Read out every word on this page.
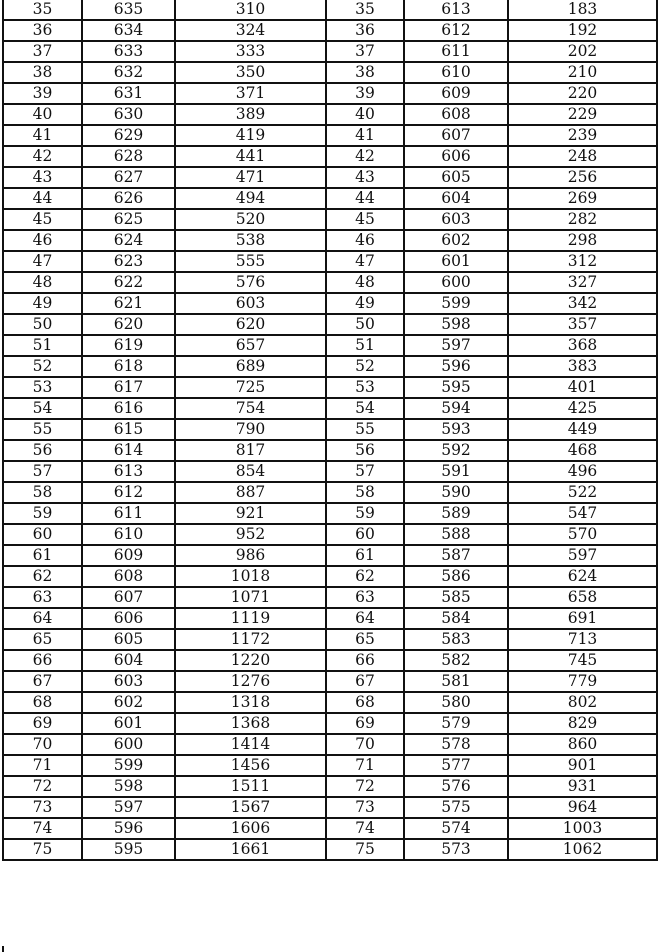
35	635	310	35	613	183
36	634	324	36	612	192
37	633	333	37	611	202
38	632	350	38	610	210
39	631	371	39	609	220
40	630	389	40	608	229
41	629	419	41	607	239
42	628	441	42	606	248
43	627	471	43	605	256
44	626	494	44	604	269
45	625	520	45	603	282
46	624	538	46	602	298
47	623	555	47	601	312
48	622	576	48	600	327
49	621	603	49	599	342
50	620	620	50	598	357
51	619	657	51	597	368
52	618	689	52	596	383
53	617	725	53	595	401
54	616	754	54	594	425
55	615	790	55	593	449
56	614	817	56	592	468
57	613	854	57	591	496
58	612	887	58	590	522
59	611	921	59	589	547
60	610	952	60	588	570
61	609	986	61	587	597
62	608	1018	62	586	624
63	607	1071	63	585	658
64	606	1119	64	584	691
65	605	1172	65	583	713
66	604	1220	66	582	745
67	603	1276	67	581	779
68	602	1318	68	580	802
69	601	1368	69	579	829
70	600	1414	70	578	860
71	599	1456	71	577	901
72	598	1511	72	576	931
73	597	1567	73	575	964
74	596	1606	74	574	1003
75	595	1661	75	573	1062
